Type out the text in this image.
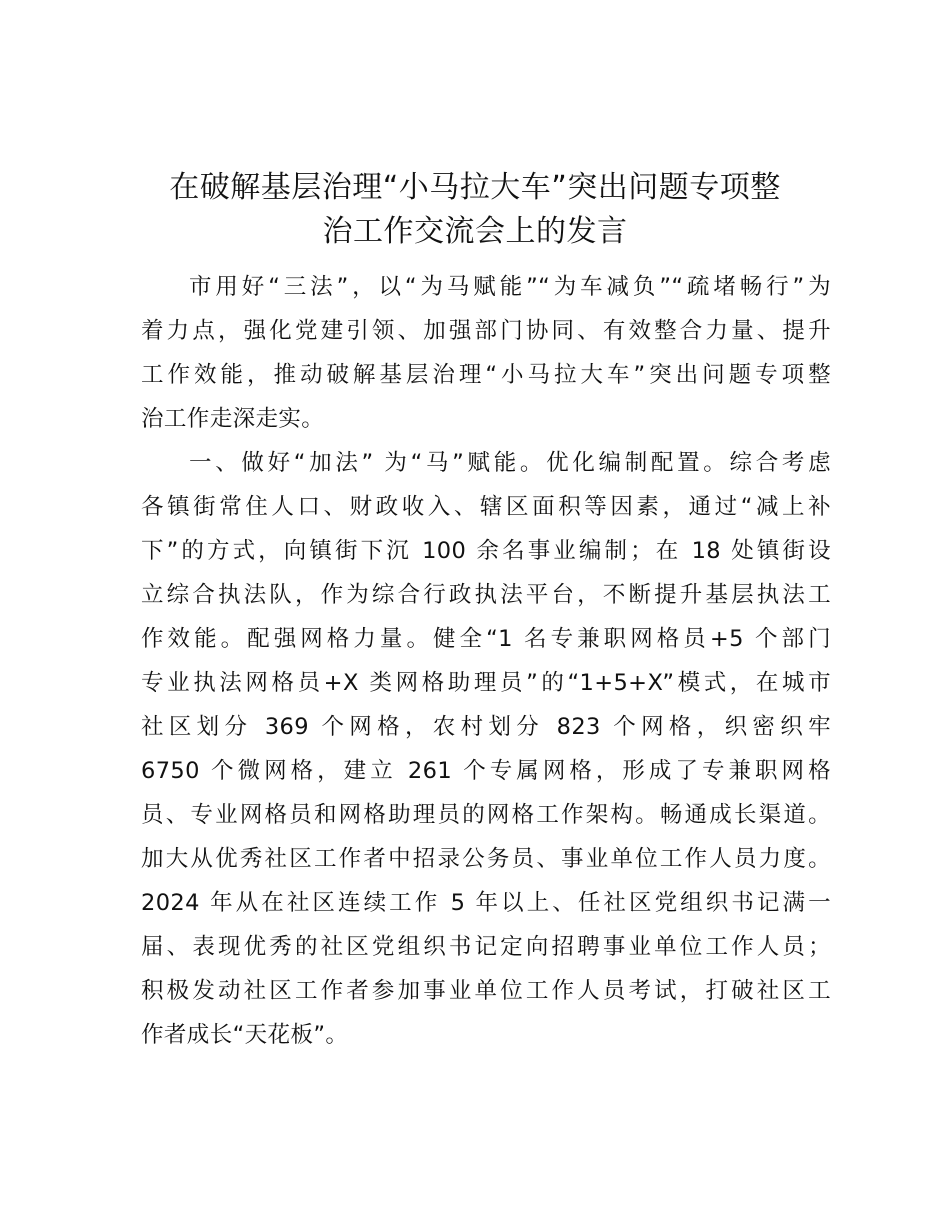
在破解基层治理“小马拉大车”突出问题专项整
治工作交流会上的发言
市用好“三法”，以“为马赋能”“为车减负”“疏堵畅行”为
着力点，强化党建引领、加强部门协同、有效整合力量、提升
工作效能，推动破解基层治理“小马拉大车”突出问题专项整
治工作走深走实。
一、做好“加法” 为“马”赋能。优化编制配置。综合考虑
各镇街常住人口、财政收入、辖区面积等因素，通过“减上补
下”的方式，向镇街下沉 100 余名事业编制；在 18 处镇街设
立综合执法队，作为综合行政执法平台，不断提升基层执法工
作效能。配强网格力量。健全“1 名专兼职网格员+5 个部门
专业执法网格员+X 类网格助理员”的“1+5+X”模式，在城市
社区划分 369 个网格，农村划分 823 个网格，织密织牢
6750 个微网格，建立 261 个专属网格，形成了专兼职网格
员、专业网格员和网格助理员的网格工作架构。畅通成长渠道。
加大从优秀社区工作者中招录公务员、事业单位工作人员力度。
2024 年从在社区连续工作 5 年以上、任社区党组织书记满一
届、表现优秀的社区党组织书记定向招聘事业单位工作人员；
积极发动社区工作者参加事业单位工作人员考试，打破社区工
作者成长“天花板”。
